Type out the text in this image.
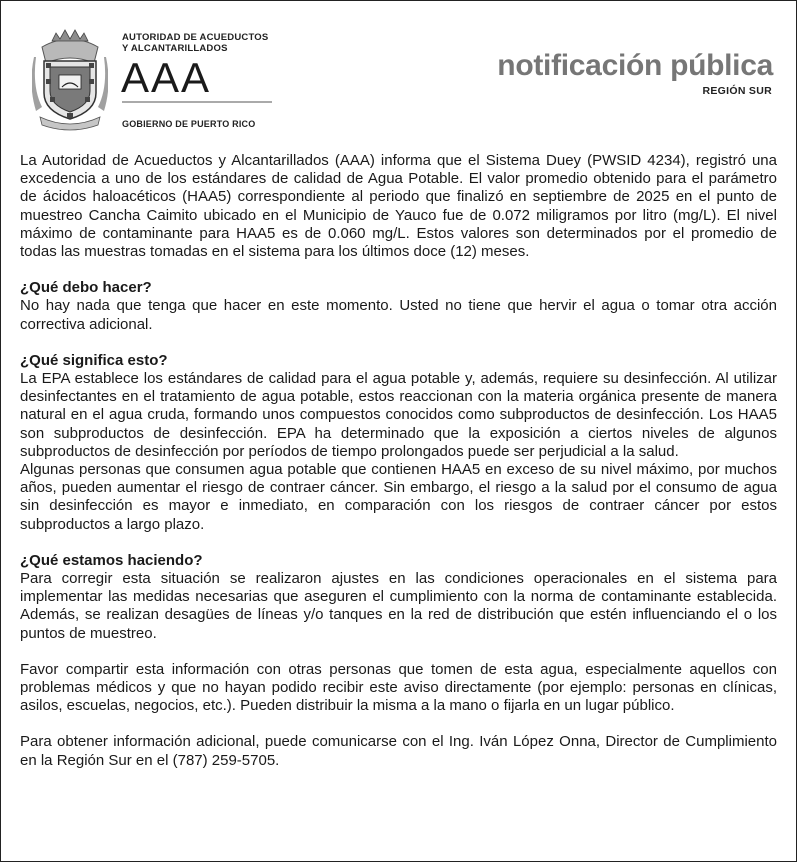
AUTORIDAD DE ACUEDUCTOS
Y ALCANTARILLADOS
AAA
GOBIERNO DE PUERTO RICO
notificación pública
REGIÓN SUR

La Autoridad de Acueductos y Alcantarillados (AAA) informa que el Sistema Duey (PWSID 4234), registró una excedencia a uno de los estándares de calidad de Agua Potable. El valor promedio obtenido para el parámetro de ácidos haloacéticos (HAA5) correspondiente al periodo que finalizó en septiembre de 2025 en el punto de muestreo Cancha Caimito ubicado en el Municipio de Yauco fue de 0.072 miligramos por litro (mg/L). El nivel máximo de contaminante para HAA5 es de 0.060 mg/L. Estos valores son determinados por el promedio de todas las muestras tomadas en el sistema para los últimos doce (12) meses.

¿Qué debo hacer?

No hay nada que tenga que hacer en este momento. Usted no tiene que hervir el agua o tomar otra acción correctiva adicional.

¿Qué significa esto?

La EPA establece los estándares de calidad para el agua potable y, además, requiere su desinfección. Al utilizar desinfectantes en el tratamiento de agua potable, estos reaccionan con la materia orgánica presente de manera natural en el agua cruda, formando unos compuestos conocidos como subproductos de desinfección. Los HAA5 son subproductos de desinfección. EPA ha determinado que la exposición a ciertos niveles de algunos subproductos de desinfección por períodos de tiempo prolongados puede ser perjudicial a la salud.

Algunas personas que consumen agua potable que contienen HAA5 en exceso de su nivel máximo, por muchos años, pueden aumentar el riesgo de contraer cáncer. Sin embargo, el riesgo a la salud por el consumo de agua sin desinfección es mayor e inmediato, en comparación con los riesgos de contraer cáncer por estos subproductos a largo plazo.

¿Qué estamos haciendo?

Para corregir esta situación se realizaron ajustes en las condiciones operacionales en el sistema para implementar las medidas necesarias que aseguren el cumplimiento con la norma de contaminante establecida. Además, se realizan desagües de líneas y/o tanques en la red de distribución que estén influenciando el o los puntos de muestreo.

Favor compartir esta información con otras personas que tomen de esta agua, especialmente aquellos con problemas médicos y que no hayan podido recibir este aviso directamente (por ejemplo: personas en clínicas, asilos, escuelas, negocios, etc.). Pueden distribuir la misma a la mano o fijarla en un lugar público.

Para obtener información adicional, puede comunicarse con el Ing. Iván López Onna, Director de Cumplimiento en la Región Sur en el (787) 259-5705.
